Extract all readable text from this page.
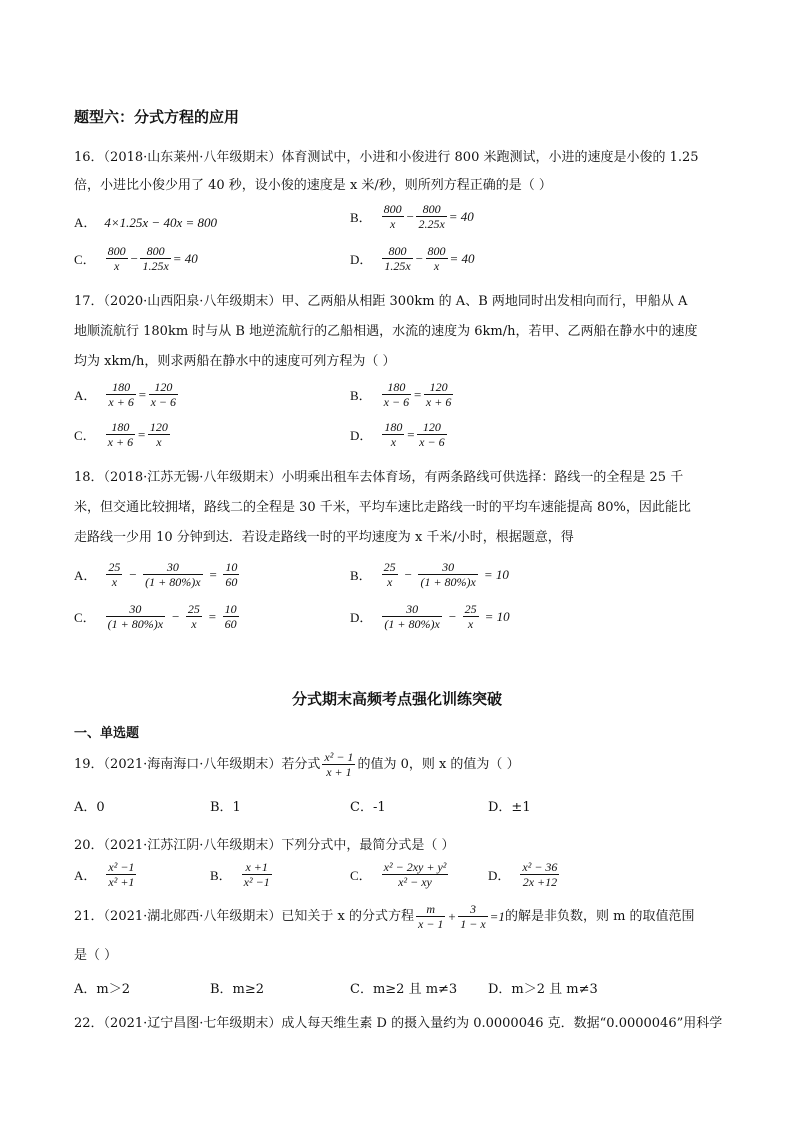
题型六：分式方程的应用
16．（2018·山东莱州·八年级期末）体育测试中，小进和小俊进行 800 米跑测试，小进的速度是小俊的 1.25
倍，小进比小俊少用了 40 秒，设小俊的速度是 x 米/秒，则所列方程正确的是（ ）
A． 4×1.25x − 40x = 800	B． $\frac{800}{x} - \frac{800}{2.25x} = 40$
C． $\frac{800}{x} - \frac{800}{1.25x} = 40$	D． $\frac{800}{1.25x} - \frac{800}{x} = 40$
17．（2020·山西阳泉·八年级期末）甲、乙两船从相距 300km 的 A、B 两地同时出发相向而行，甲船从 A
地顺流航行 180km 时与从 B 地逆流航行的乙船相遇，水流的速度为 6km/h，若甲、乙两船在静水中的速度
均为 xkm/h，则求两船在静水中的速度可列方程为（ ）
A． $\frac{180}{x + 6} = \frac{120}{x - 6}$	B． $\frac{180}{x - 6} = \frac{120}{x + 6}$
C． $\frac{180}{x + 6} = \frac{120}{x}$	D． $\frac{180}{x} = \frac{120}{x - 6}$
18．（2018·江苏无锡·八年级期末）小明乘出租车去体育场，有两条路线可供选择：路线一的全程是 25 千
米，但交通比较拥堵，路线二的全程是 30 千米，平均车速比走路线一时的平均车速能提高 80%，因此能比
走路线一少用 10 分钟到达．若设走路线一时的平均速度为 x 千米/小时，根据题意，得
A． $\frac{25}{x} - \frac{30}{(1 + 80\%)x} = \frac{10}{60}$	B． $\frac{25}{x} - \frac{30}{(1 + 80\%)x} = 10$
C． $\frac{30}{(1 + 80\%)x} - \frac{25}{x} = \frac{10}{60}$	D． $\frac{30}{(1 + 80\%)x} - \frac{25}{x} = 10$
分式期末高频考点强化训练突破
一、单选题
19．（2021·海南海口·八年级期末）若分式 $\frac{\text{x² − 1}}{x + 1}$ 的值为 0，则 x 的值为（ ）
A．0	B．1	C．-1	D．±1
20．（2021·江苏江阴·八年级期末）下列分式中，最简分式是（ ）
A． $\frac{\text{x² −1}}{\text{x² +1}}$	B． $\frac{x +1}{\text{x² −1}}$	C． $\frac{\text{x² − 2xy + y²}}{\text{x² − xy}}$	D． $\frac{\text{x² − 36}}{2x +12}$
21．（2021·湖北郧西·八年级期末）已知关于 x 的分式方程 $\frac{m}{x - 1} + \frac{3}{1 - x} =1$ 的解是非负数，则 m 的取值范围
是（ ）
A．m＞2	B．m≥2	C．m≥2 且 m≠3 D．m＞2 且 m≠3
22．（2021·辽宁昌图·七年级期末）成人每天维生素 D 的摄入量约为 0.0000046 克．数据“0.0000046”用科学
